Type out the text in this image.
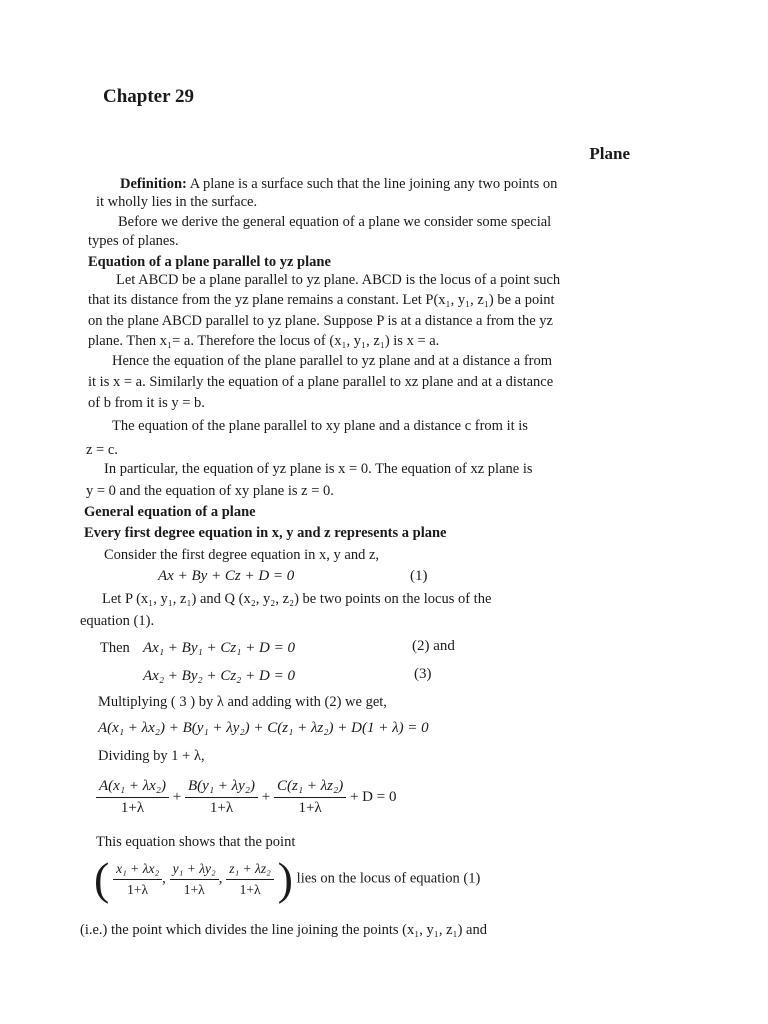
Chapter 29
Plane
Definition: A plane is a surface such that the line joining any two points on
it wholly lies in the surface.
Before we derive the general equation of a plane we consider some special
types of planes.
Equation of a plane parallel to yz plane
Let ABCD be a plane parallel to yz plane. ABCD is the locus of a point such
that its distance from the yz plane remains a constant. Let P(x₁, y₁, z₁) be a point
on the plane ABCD parallel to yz plane. Suppose P is at a distance a from the yz
plane. Then x₁= a. Therefore the locus of (x₁, y₁, z₁) is x = a.
Hence the equation of the plane parallel to yz plane and at a distance a from
it is x = a. Similarly the equation of a plane parallel to xz plane and at a distance
of b from it is y = b.
The equation of the plane parallel to xy plane and a distance c from it is
z = c.
In particular, the equation of yz plane is x = 0. The equation of xz plane is
y = 0 and the equation of xy plane is z = 0.
General equation of a plane
Every first degree equation in x, y and z represents a plane
Consider the first degree equation in x, y and z,
Ax + By + Cz + D = 0	(1)
Let P (x₁, y₁, z₁) and Q (x₂, y₂, z₂) be two points on the locus of the
equation (1).
Then Ax₁ + By₁ + Cz₁ + D = 0	(2) and
Ax₂ + By₂ + Cz₂ + D = 0	(3)
Multiplying ( 3 ) by λ and adding with (2) we get,
A(x₁ + λx₂) + B(y₁ + λy₂) + C(z₁ + λz₂) + D(1 + λ) = 0
Dividing by 1 + λ,
$\frac{\text{A(x₁ + λx₂)}}{1+\lambda} + \frac{\text{B(y₁ + λy₂)}}{1+\lambda} + \frac{\text{C(z₁ + λz₂)}}{1+\lambda} + D = 0$
This equation shows that the point
( $\frac{\text{x₁ + λx₂}}{1+\lambda}$ , $\frac{\text{y₁ + λy₂}}{1+\lambda}$ , $\frac{\text{z₁ + λz₂}}{1+\lambda}$ ) lies on the locus of equation (1)
(i.e.) the point which divides the line joining the points (x₁, y₁, z₁) and
